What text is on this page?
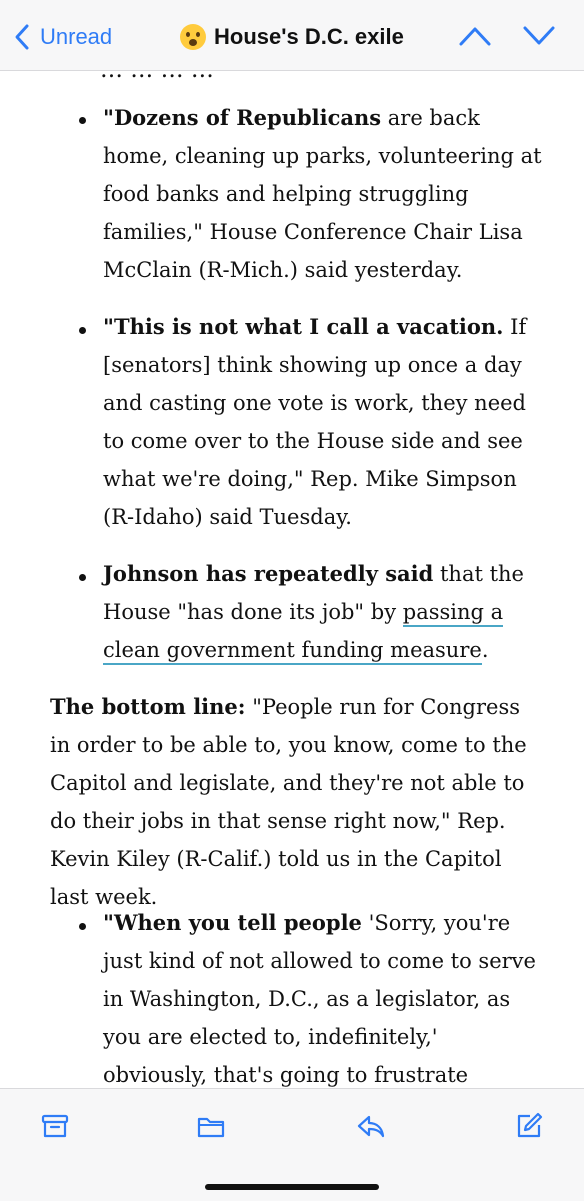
Unread	House's D.C. exile
… … … …
"Dozens of Republicans are back home, cleaning up parks, volunteering at food banks and helping struggling families," House Conference Chair Lisa McClain (R-Mich.) said yesterday.
"This is not what I call a vacation. If [senators] think showing up once a day and casting one vote is work, they need to come over to the House side and see what we're doing," Rep. Mike Simpson (R-Idaho) said Tuesday.
Johnson has repeatedly said that the House "has done its job" by passing a clean government funding measure.
The bottom line: "People run for Congress in order to be able to, you know, come to the Capitol and legislate, and they're not able to do their jobs in that sense right now," Rep. Kevin Kiley (R-Calif.) told us in the Capitol last week.
"When you tell people 'Sorry, you're just kind of not allowed to come to serve in Washington, D.C., as a legislator, as you are elected to, indefinitely,' obviously, that's going to frustrate
